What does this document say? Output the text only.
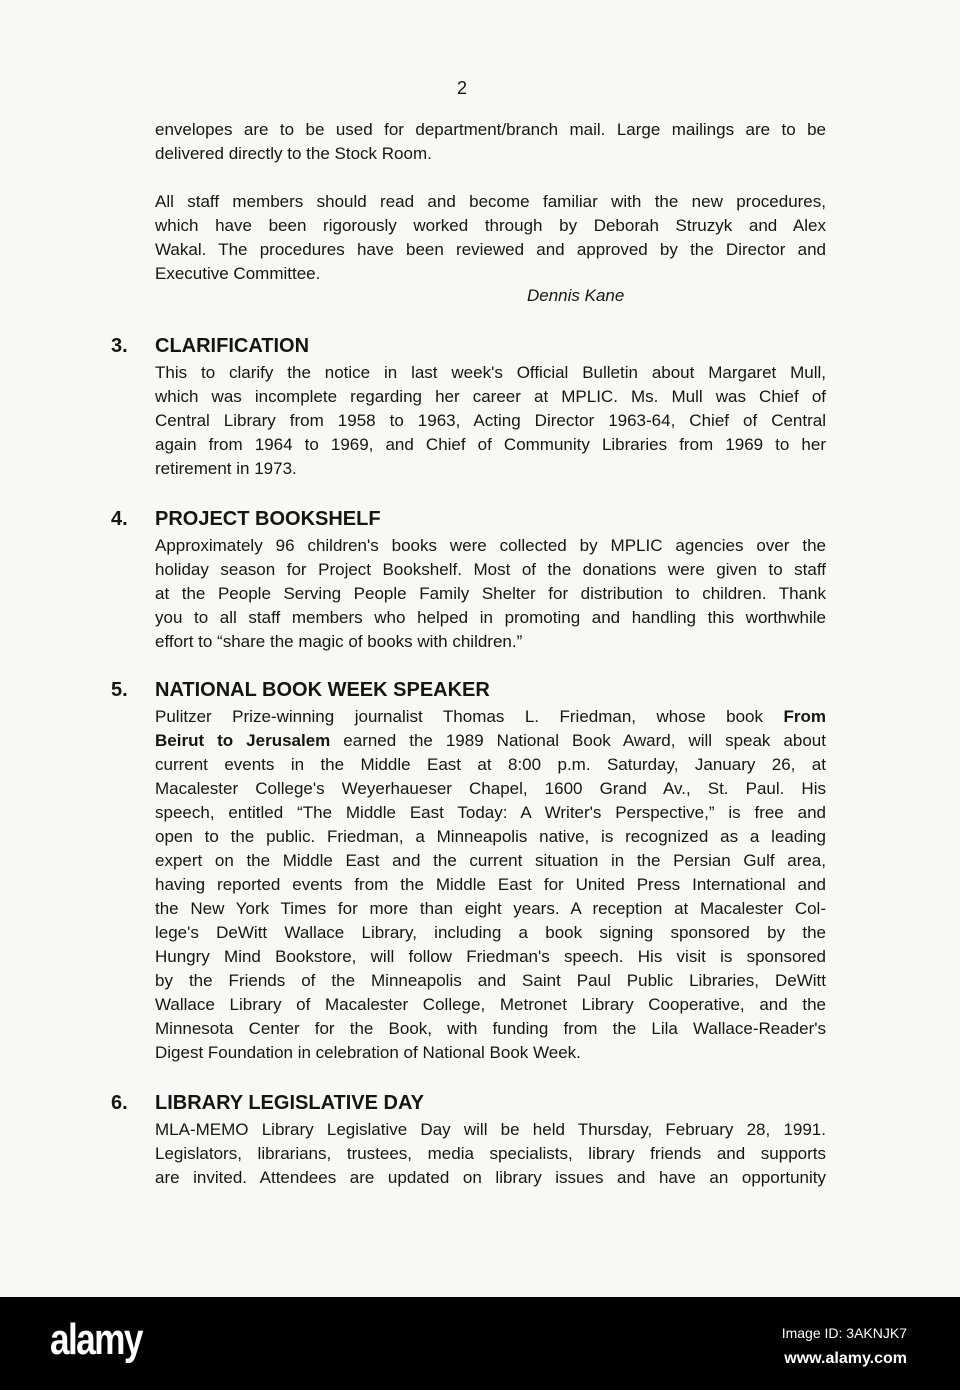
2
envelopes are to be used for department/branch mail. Large mailings are to be
delivered directly to the Stock Room.
All staff members should read and become familiar with the new procedures,
which have been rigorously worked through by Deborah Struzyk and Alex
Wakal. The procedures have been reviewed and approved by the Director and
Executive Committee.
Dennis Kane
3. CLARIFICATION
This to clarify the notice in last week's Official Bulletin about Margaret Mull,
which was incomplete regarding her career at MPLIC. Ms. Mull was Chief of
Central Library from 1958 to 1963, Acting Director 1963-64, Chief of Central
again from 1964 to 1969, and Chief of Community Libraries from 1969 to her
retirement in 1973.
4. PROJECT BOOKSHELF
Approximately 96 children's books were collected by MPLIC agencies over the
holiday season for Project Bookshelf. Most of the donations were given to staff
at the People Serving People Family Shelter for distribution to children. Thank
you to all staff members who helped in promoting and handling this worthwhile
effort to “share the magic of books with children.”
5. NATIONAL BOOK WEEK SPEAKER
Pulitzer Prize-winning journalist Thomas L. Friedman, whose book From
Beirut to Jerusalem earned the 1989 National Book Award, will speak about
current events in the Middle East at 8:00 p.m. Saturday, January 26, at
Macalester College's Weyerhaueser Chapel, 1600 Grand Av., St. Paul. His
speech, entitled “The Middle East Today: A Writer's Perspective,” is free and
open to the public. Friedman, a Minneapolis native, is recognized as a leading
expert on the Middle East and the current situation in the Persian Gulf area,
having reported events from the Middle East for United Press International and
the New York Times for more than eight years. A reception at Macalester Col-
lege's DeWitt Wallace Library, including a book signing sponsored by the
Hungry Mind Bookstore, will follow Friedman's speech. His visit is sponsored
by the Friends of the Minneapolis and Saint Paul Public Libraries, DeWitt
Wallace Library of Macalester College, Metronet Library Cooperative, and the
Minnesota Center for the Book, with funding from the Lila Wallace-Reader's
Digest Foundation in celebration of National Book Week.
6. LIBRARY LEGISLATIVE DAY
MLA-MEMO Library Legislative Day will be held Thursday, February 28, 1991.
Legislators, librarians, trustees, media specialists, library friends and supports
are invited. Attendees are updated on library issues and have an opportunity
alamy	Image ID: 3AKNJK7
www.alamy.com
